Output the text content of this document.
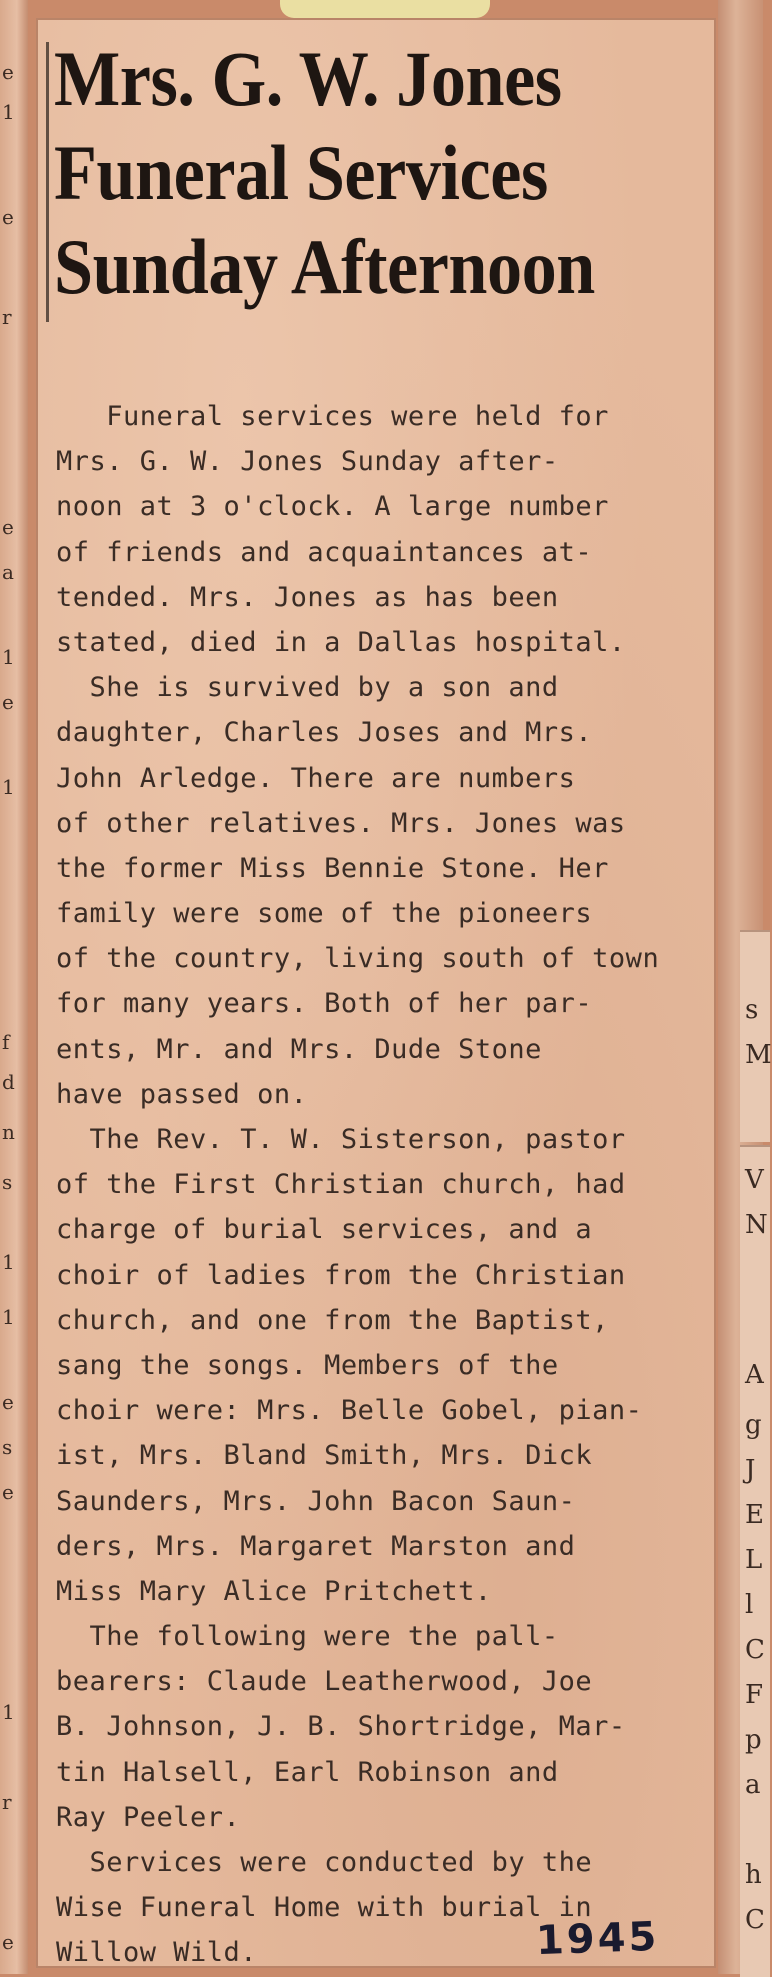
e
1
e
r
e
a
1
e
1
f
d
n
s
1
1
e
s
e
1
r
e
Mrs. G. W. Jones
Funeral Services
Sunday Afternoon
Funeral services were held for
Mrs. G. W. Jones Sunday after-
noon at 3 o'clock. A large number
of friends and acquaintances at-
tended. Mrs. Jones as has been
stated, died in a Dallas hospital.
She is survived by a son and
daughter, Charles Joses and Mrs.
John Arledge. There are numbers
of other relatives. Mrs. Jones was
the former Miss Bennie Stone. Her
family were some of the pioneers
of the country, living south of town
for many years. Both of her par-
ents, Mr. and Mrs. Dude Stone
have passed on.
The Rev. T. W. Sisterson, pastor
of the First Christian church, had
charge of burial services, and a
choir of ladies from the Christian
church, and one from the Baptist,
sang the songs. Members of the
choir were: Mrs. Belle Gobel, pian-
ist, Mrs. Bland Smith, Mrs. Dick
Saunders, Mrs. John Bacon Saun-
ders, Mrs. Margaret Marston and
Miss Mary Alice Pritchett.
The following were the pall-
bearers: Claude Leatherwood, Joe
B. Johnson, J. B. Shortridge, Mar-
tin Halsell, Earl Robinson and
Ray Peeler.
Services were conducted by the
Wise Funeral Home with burial in
Willow Wild.	1945
s
M
V
N
A
g
J
E
L
l
C
F
p
a
h
C
